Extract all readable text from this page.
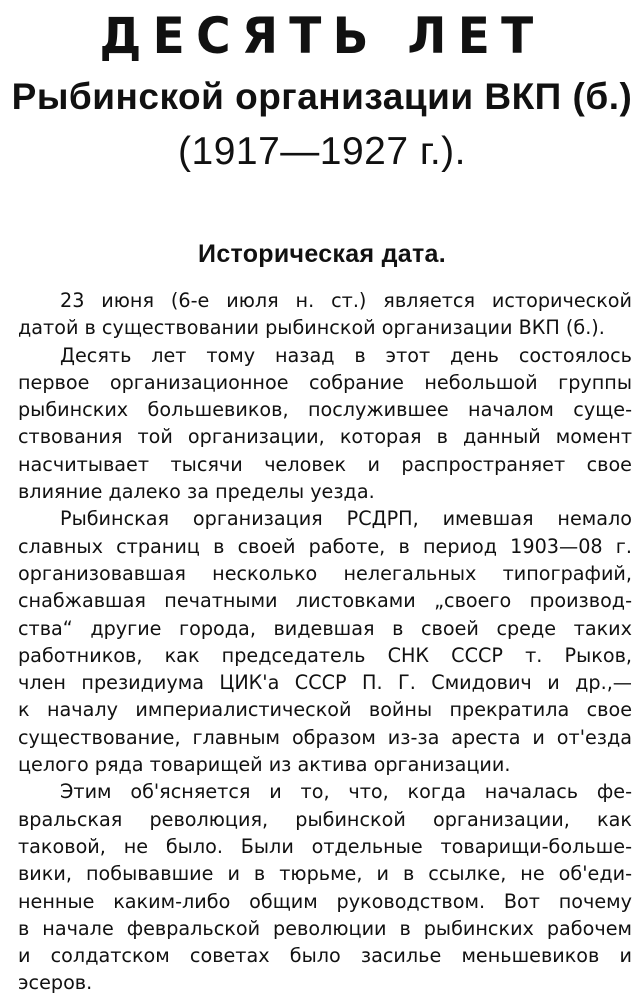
ДЕСЯТЬ ЛЕТ
Рыбинской организации ВКП (б.)
(1917—1927 г.).
Историческая дата.
23 июня (6-е июля н. ст.) является исторической
датой в существовании рыбинской организации ВКП (б.).
Десять лет тому назад в этот день состоялось
первое организационное собрание небольшой группы
рыбинских большевиков, послужившее началом суще-
ствования той организации, которая в данный момент
насчитывает тысячи человек и распространяет свое
влияние далеко за пределы уезда.
Рыбинская организация РСДРП, имевшая немало
славных страниц в своей работе, в период 1903—08 г.
организовавшая несколько нелегальных типографий,
снабжавшая печатными листовками „своего производ-
ства“ другие города, видевшая в своей среде таких
работников, как председатель СНК СССР т. Рыков,
член президиума ЦИК'а СССР П. Г. Смидович и др.,—
к началу империалистической войны прекратила свое
существование, главным образом из-за ареста и от'езда
целого ряда товарищей из актива организации.
Этим об'ясняется и то, что, когда началась фе-
вральская революция, рыбинской организации, как
таковой, не было. Были отдельные товарищи-больше-
вики, побывавшие и в тюрьме, и в ссылке, не об'еди-
ненные каким-либо общим руководством. Вот почему
в начале февральской революции в рыбинских рабочем
и солдатском советах было засилье меньшевиков и
эсеров.
